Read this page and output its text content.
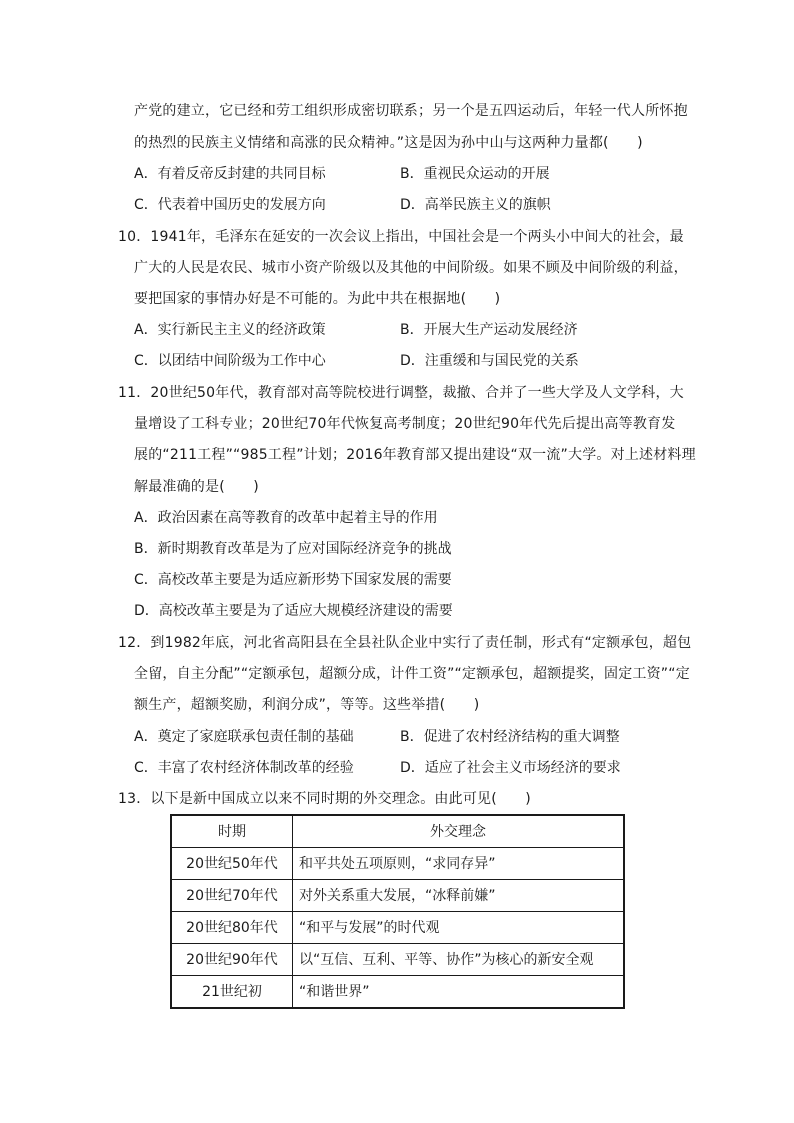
产党的建立，它已经和劳工组织形成密切联系；另一个是五四运动后，年轻一代人所怀抱
的热烈的民族主义情绪和高涨的民众精神。”这是因为孙中山与这两种力量都(　　)
A．有着反帝反封建的共同目标	B．重视民众运动的开展
C．代表着中国历史的发展方向	D．高举民族主义的旗帜
10．1941年，毛泽东在延安的一次会议上指出，中国社会是一个两头小中间大的社会，最
广大的人民是农民、城市小资产阶级以及其他的中间阶级。如果不顾及中间阶级的利益，
要把国家的事情办好是不可能的。为此中共在根据地(　　)
A．实行新民主主义的经济政策	B．开展大生产运动发展经济
C．以团结中间阶级为工作中心	D．注重缓和与国民党的关系
11．20世纪50年代，教育部对高等院校进行调整，裁撤、合并了一些大学及人文学科，大
量增设了工科专业；20世纪70年代恢复高考制度；20世纪90年代先后提出高等教育发
展的“211工程”“985工程”计划；2016年教育部又提出建设“双一流”大学。对上述材料理
解最准确的是(　　)
A．政治因素在高等教育的改革中起着主导的作用
B．新时期教育改革是为了应对国际经济竞争的挑战
C．高校改革主要是为适应新形势下国家发展的需要
D．高校改革主要是为了适应大规模经济建设的需要
12．到1982年底，河北省高阳县在全县社队企业中实行了责任制，形式有“定额承包，超包
全留，自主分配”“定额承包，超额分成，计件工资”“定额承包，超额提奖，固定工资”“定
额生产，超额奖励，利润分成”，等等。这些举措(　　)
A．奠定了家庭联承包责任制的基础	B．促进了农村经济结构的重大调整
C．丰富了农村经济体制改革的经验	D．适应了社会主义市场经济的要求
13．以下是新中国成立以来不同时期的外交理念。由此可见(　　)
时期	外交理念
20世纪50年代	和平共处五项原则，“求同存异”
20世纪70年代	对外关系重大发展，“冰释前嫌”
20世纪80年代	“和平与发展”的时代观
20世纪90年代	以“互信、互利、平等、协作”为核心的新安全观
21世纪初	“和谐世界”
